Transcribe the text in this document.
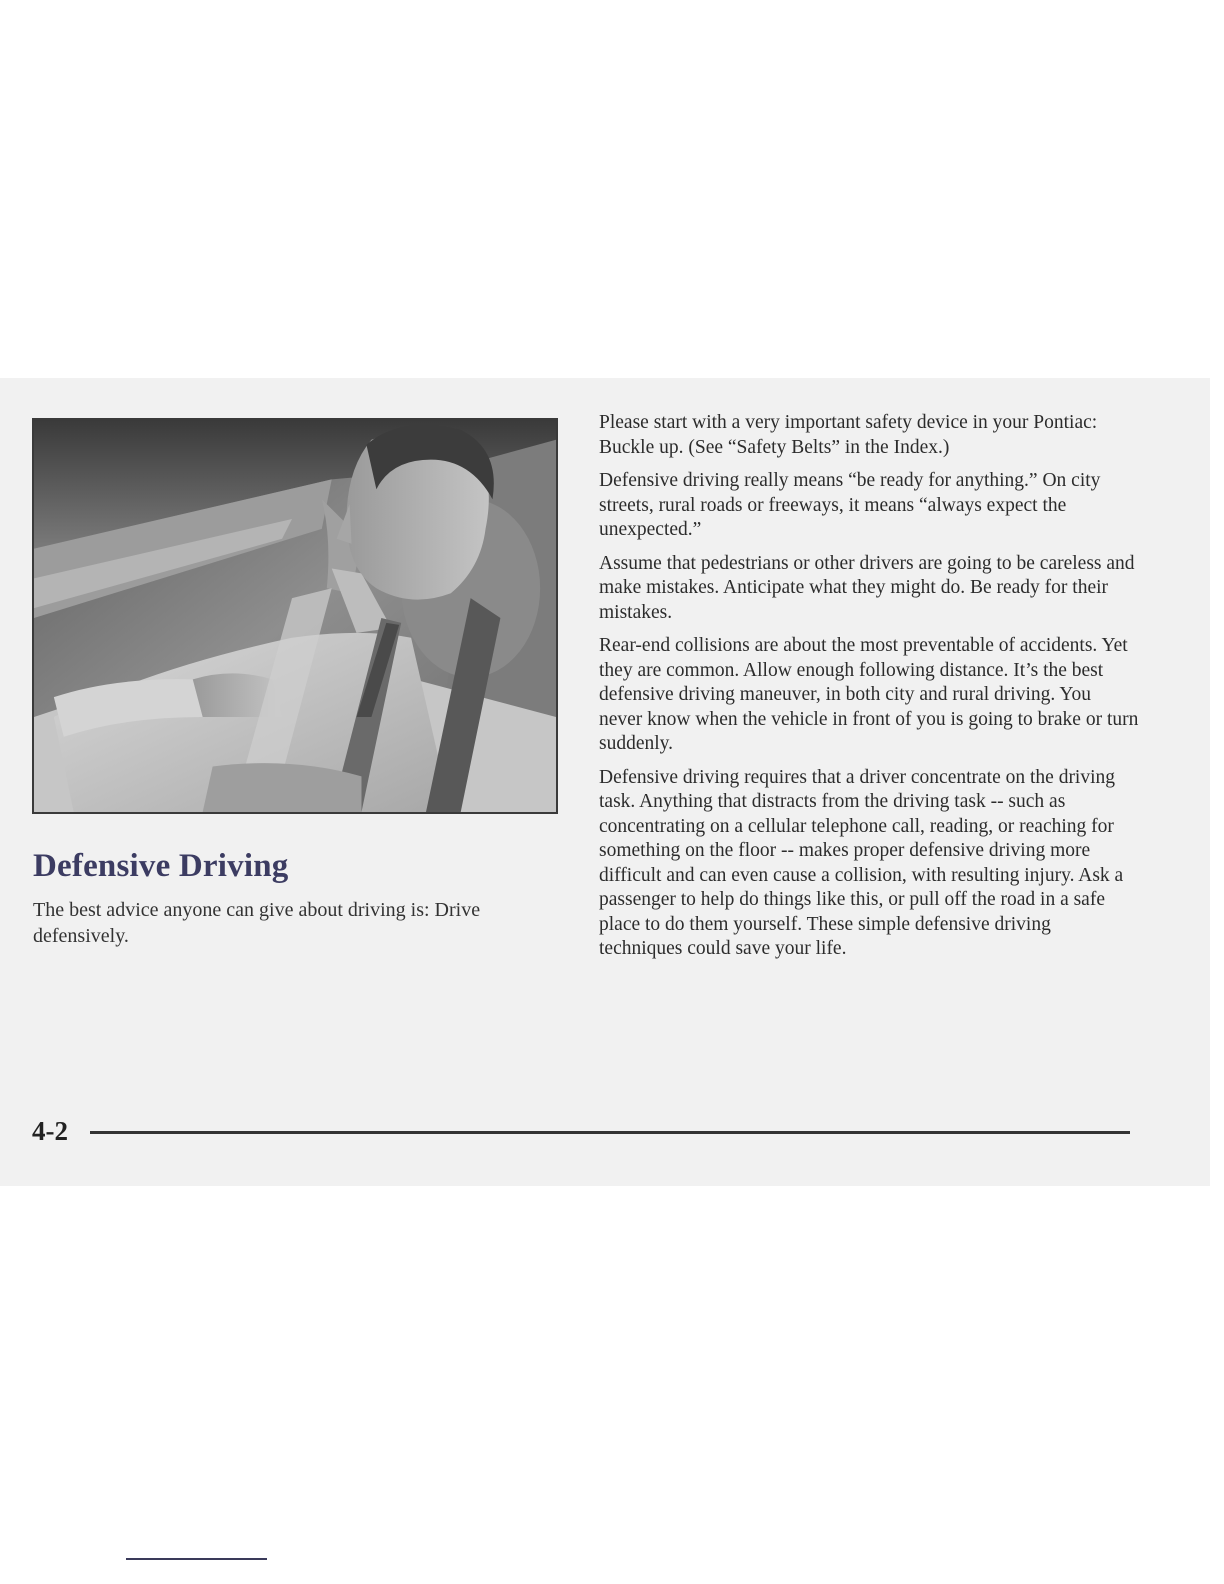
Defensive Driving

The best advice anyone can give about driving is: Drive defensively.

Please start with a very important safety device in your Pontiac: Buckle up. (See “Safety Belts” in the Index.)

Defensive driving really means “be ready for anything.” On city streets, rural roads or freeways, it means “always expect the unexpected.”

Assume that pedestrians or other drivers are going to be careless and make mistakes. Anticipate what they might do. Be ready for their mistakes.

Rear-end collisions are about the most preventable of accidents. Yet they are common. Allow enough following distance. It’s the best defensive driving maneuver, in both city and rural driving. You never know when the vehicle in front of you is going to brake or turn suddenly.

Defensive driving requires that a driver concentrate on the driving task. Anything that distracts from the driving task -- such as concentrating on a cellular telephone call, reading, or reaching for something on the floor -- makes proper defensive driving more difficult and can even cause a collision, with resulting injury. Ask a passenger to help do things like this, or pull off the road in a safe place to do them yourself. These simple defensive driving techniques could save your life.

4-2
